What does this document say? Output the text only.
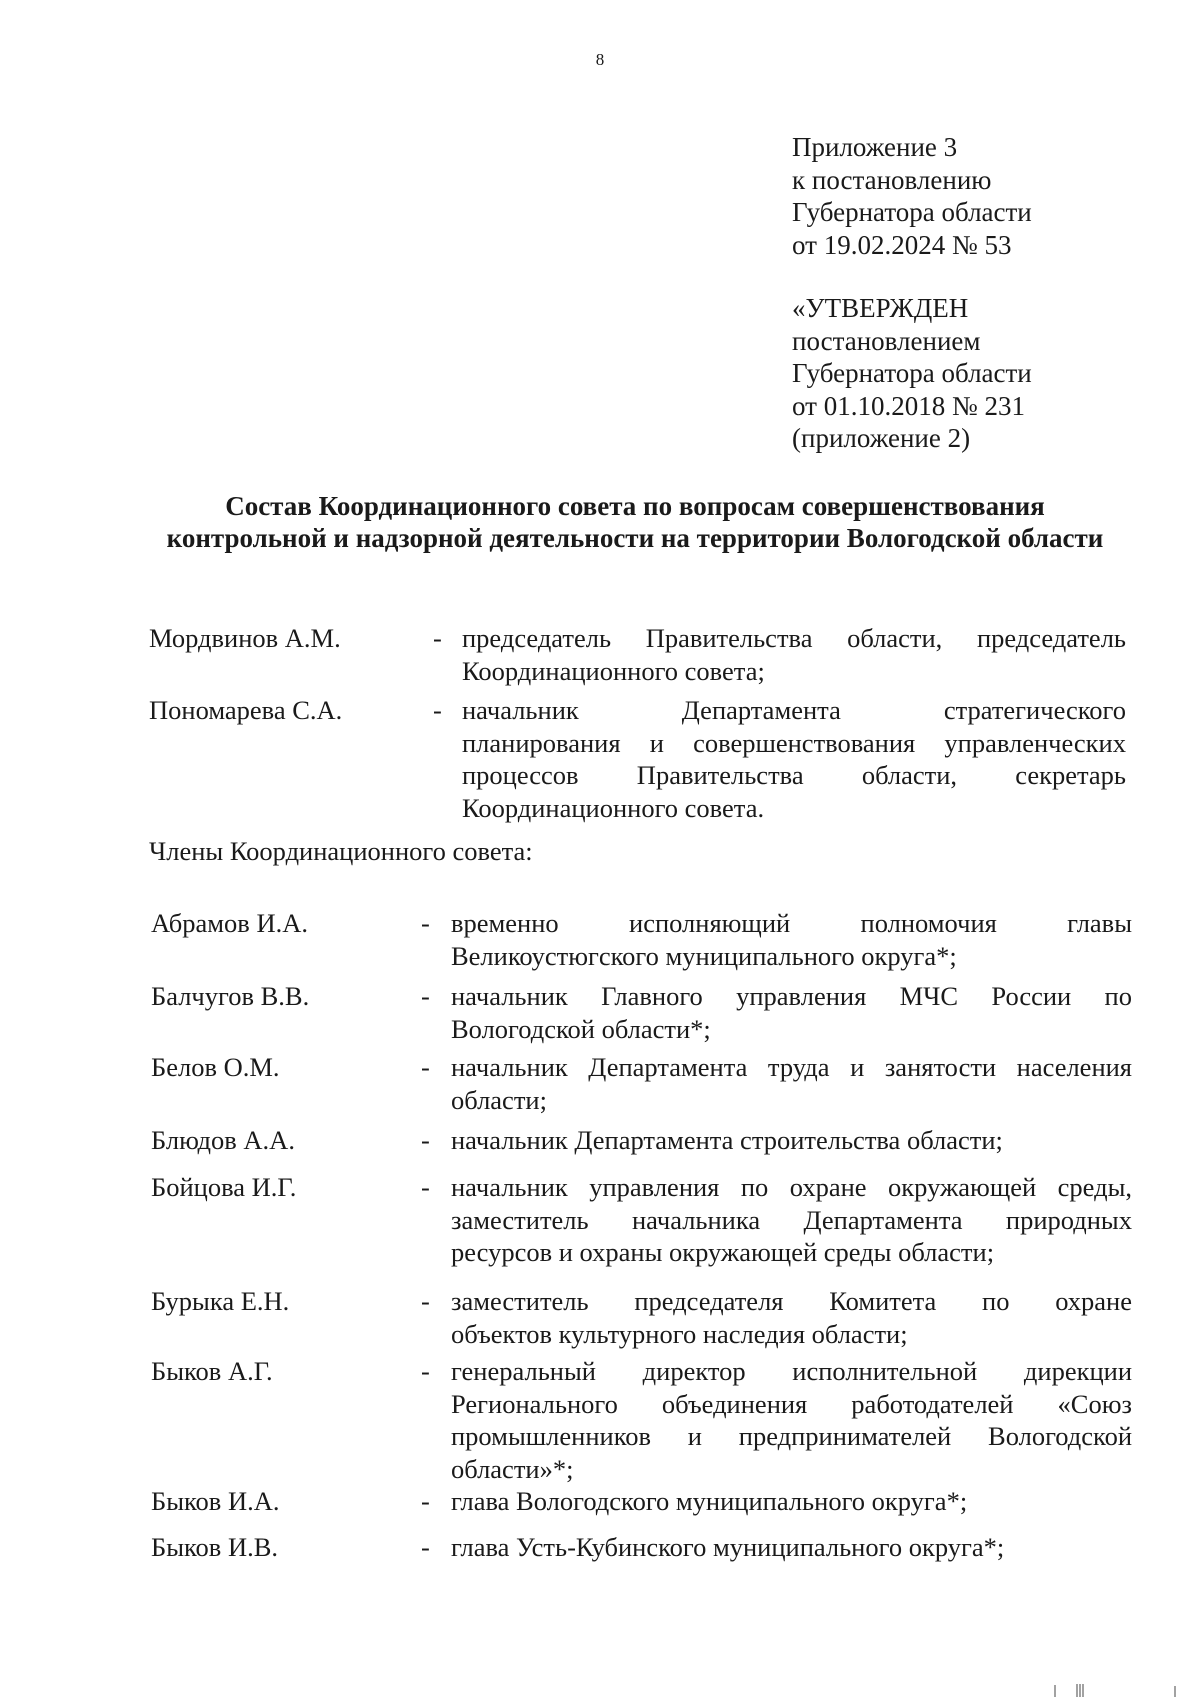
8
Приложение 3
к постановлению
Губернатора области
от 19.02.2024 № 53
«УТВЕРЖДЕН
постановлением
Губернатора области
от 01.10.2018 № 231
(приложение 2)
Состав Координационного совета по вопросам совершенствования
контрольной и надзорной деятельности на территории Вологодской области
Мордвинов А.М.	- председатель Правительства области, председатель
Координационного совета;
Пономарева С.А.	- начальник Департамента стратегического
планирования и совершенствования управленческих
процессов Правительства области, секретарь
Координационного совета.
Члены Координационного совета:
Абрамов И.А.	- временно исполняющий полномочия главы
Великоустюгского муниципального округа*;
Балчугов В.В.	- начальник Главного управления МЧС России по
Вологодской области*;
Белов О.М.	- начальник Департамента труда и занятости населения
области;
Блюдов А.А.	- начальник Департамента строительства области;
Бойцова И.Г.	- начальник управления по охране окружающей среды,
заместитель начальника Департамента природных
ресурсов и охраны окружающей среды области;
Бурыка Е.Н.	- заместитель председателя Комитета по охране
объектов культурного наследия области;
Быков А.Г.	- генеральный директор исполнительной дирекции
Регионального объединения работодателей «Союз
промышленников и предпринимателей Вологодской
области»*;
Быков И.А.	- глава Вологодского муниципального округа*;
Быков И.В.	- глава Усть-Кубинского муниципального округа*;
